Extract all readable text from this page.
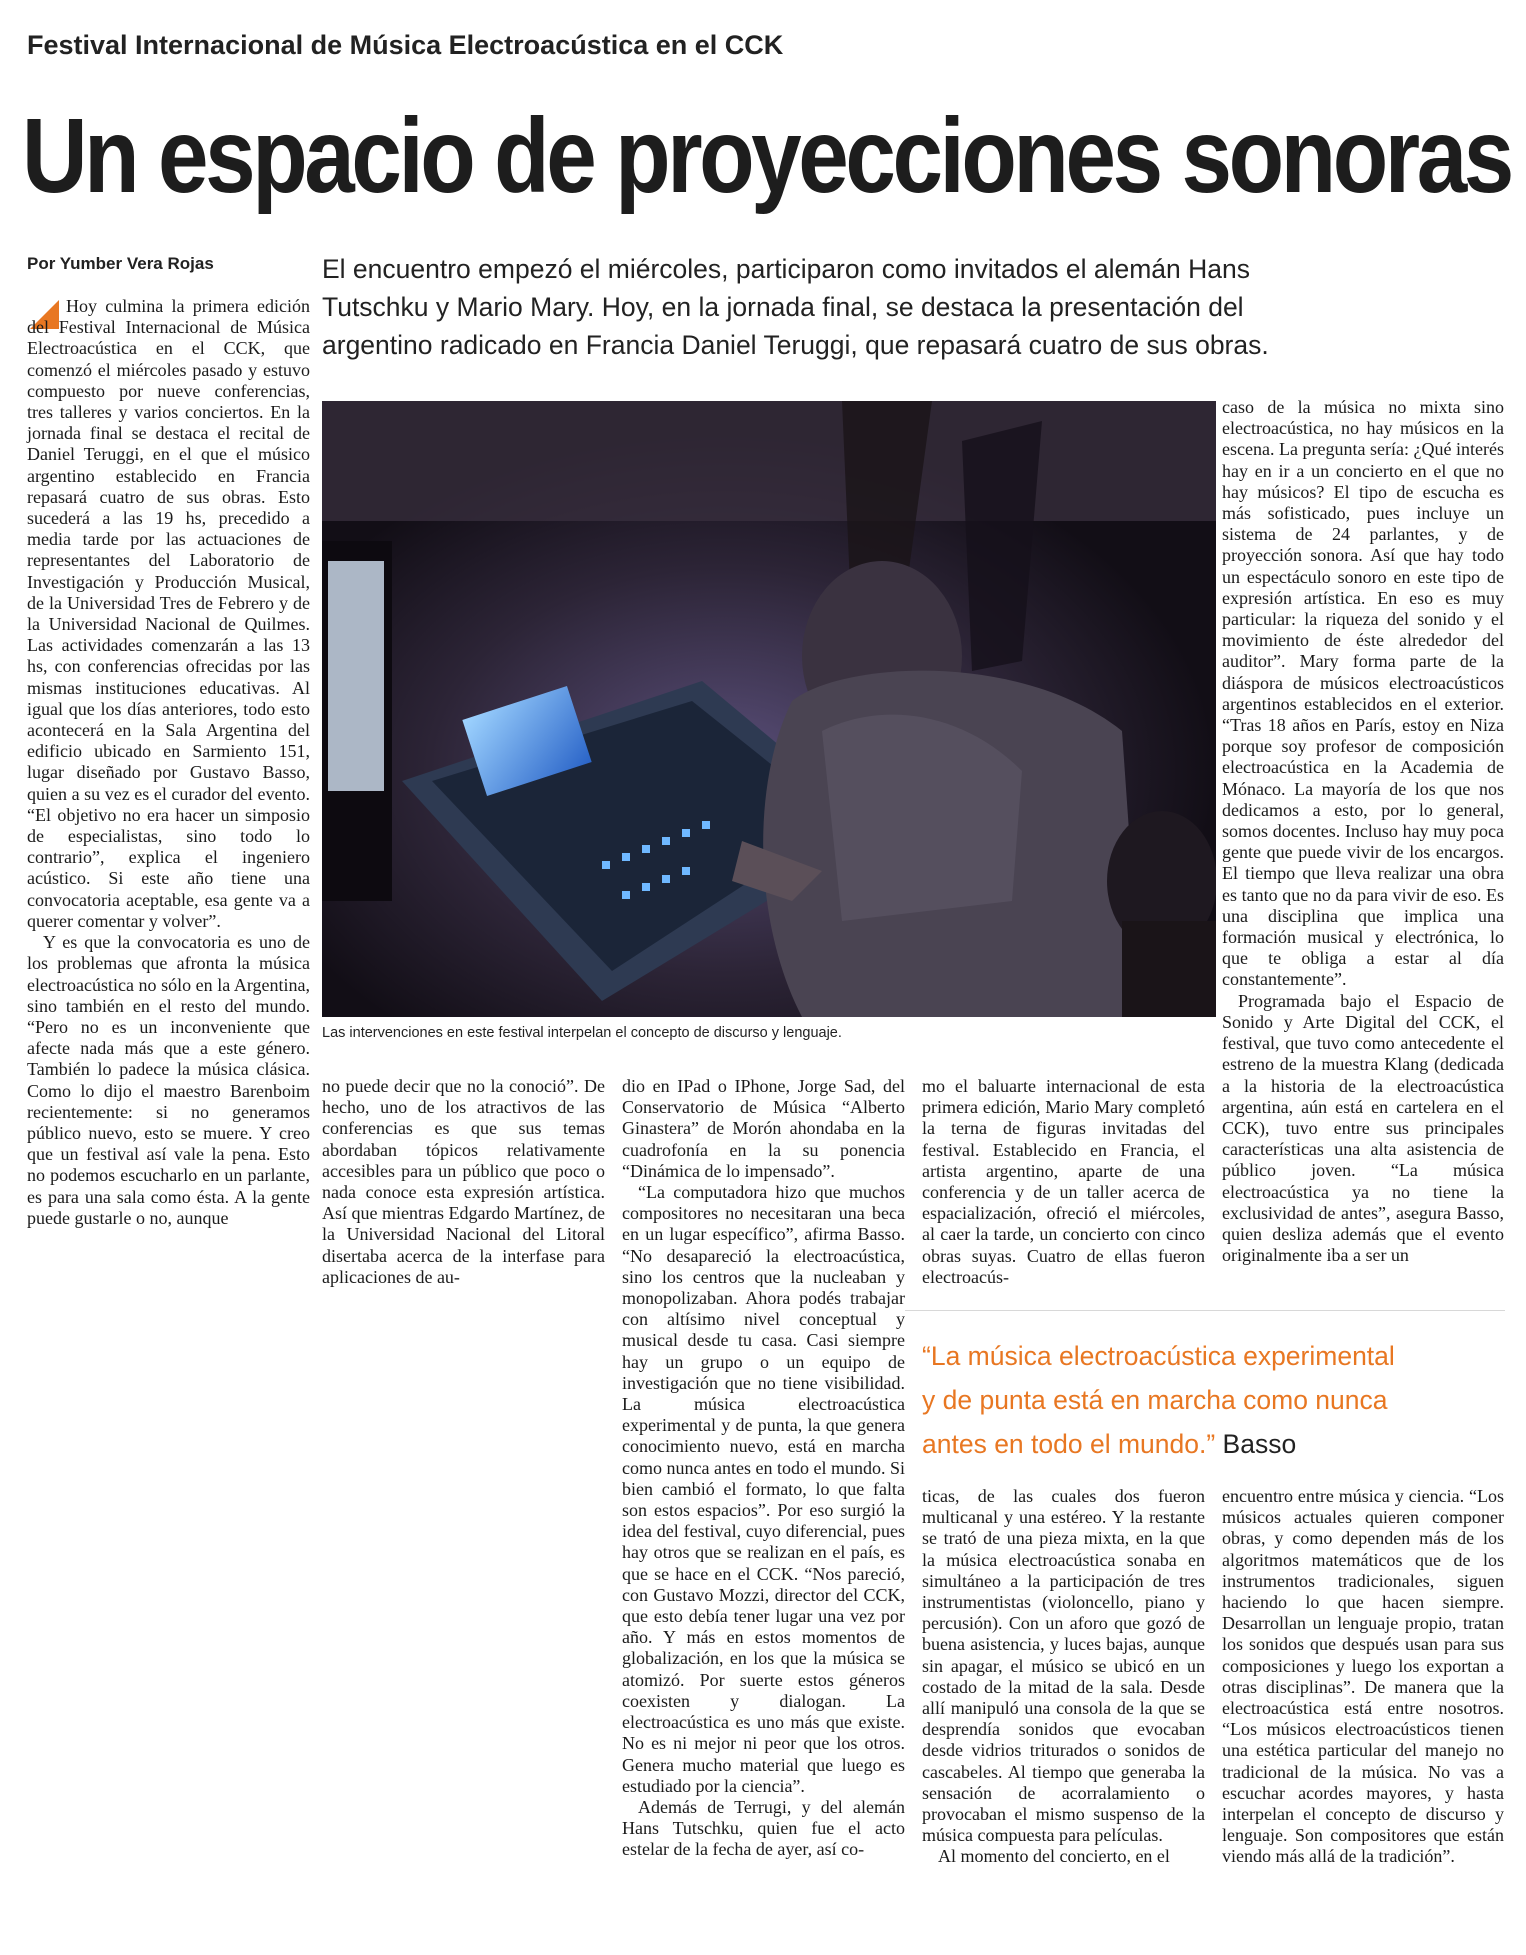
Festival Internacional de Música Electroacústica en el CCK
Un espacio de proyecciones sonoras
Por Yumber Vera Rojas	El encuentro empezó el miércoles, participaron como invitados el alemán Hans
Tutschku y Mario Mary. Hoy, en la jornada final, se destaca la presentación del
argentino radicado en Francia Daniel Teruggi, que repasará cuatro de sus obras.

Hoy culmina la primera edición del Festival Internacional de Música Electroacústica en el CCK, que comenzó el miércoles pasado y estuvo compuesto por nueve conferencias, tres talleres y varios conciertos. En la jornada final se destaca el recital de Daniel Teruggi, en el que el músico argentino establecido en Francia repasará cuatro de sus obras. Esto sucederá a las 19 hs, precedido a media tarde por las actuaciones de representantes del Laboratorio de Investigación y Producción Musical, de la Universidad Tres de Febrero y de la Universidad Nacional de Quilmes. Las actividades comenzarán a las 13 hs, con conferencias ofrecidas por las mismas instituciones educativas. Al igual que los días anteriores, todo esto acontecerá en la Sala Argentina del edificio ubicado en Sarmiento 151, lugar diseñado por Gustavo Basso, quien a su vez es el curador del evento. “El objetivo no era hacer un simposio de especialistas, sino todo lo contrario”, explica el ingeniero acústico. Si este año tiene una convocatoria aceptable, esa gente va a querer comentar y volver”.

Y es que la convocatoria es uno de los problemas que afronta la música electroacústica no sólo en la Argentina, sino también en el resto del mundo. “Pero no es un inconveniente que afecte nada más que a este género. También lo padece la música clásica. Como lo dijo el maestro Barenboim recientemente: si no generamos público nuevo, esto se muere. Y creo que un festival así vale la pena. Esto no podemos escucharlo en un parlante, es para una sala como ésta. A la gente puede gustarle o no, aunque

Las intervenciones en este festival interpelan el concepto de discurso y lenguaje.

caso de la música no mixta sino electroacústica, no hay músicos en la escena. La pregunta sería: ¿Qué interés hay en ir a un concierto en el que no hay músicos? El tipo de escucha es más sofisticado, pues incluye un sistema de 24 parlantes, y de proyección sonora. Así que hay todo un espectáculo sonoro en este tipo de expresión artística. En eso es muy particular: la riqueza del sonido y el movimiento de éste alrededor del auditor”. Mary forma parte de la diáspora de músicos electroacústicos argentinos establecidos en el exterior. “Tras 18 años en París, estoy en Niza porque soy profesor de composición electroacústica en la Academia de Mónaco. La mayoría de los que nos dedicamos a esto, por lo general, somos docentes. Incluso hay muy poca gente que puede vivir de los encargos. El tiempo que lleva realizar una obra es tanto que no da para vivir de eso. Es una disciplina que implica una formación musical y electrónica, lo que te obliga a estar al día constantemente”.

Programada bajo el Espacio de Sonido y Arte Digital del CCK, el festival, que tuvo como antecedente el estreno de la muestra Klang (dedicada a la historia de la electroacústica argentina, aún está en cartelera en el CCK), tuvo entre sus principales características una alta asistencia de público joven. “La música electroacústica ya no tiene la exclusividad de antes”, asegura Basso, quien desliza además que el evento originalmente iba a ser un

no puede decir que no la conoció”. De hecho, uno de los atractivos de las conferencias es que sus temas abordaban tópicos relativamente accesibles para un público que poco o nada conoce esta expresión artística. Así que mientras Edgardo Martínez, de la Universidad Nacional del Litoral disertaba acerca de la interfase para aplicaciones de au-

dio en IPad o IPhone, Jorge Sad, del Conservatorio de Música “Alberto Ginastera” de Morón ahondaba en la cuadrofonía en la su ponencia “Dinámica de lo impensado”.

“La computadora hizo que muchos compositores no necesitaran una beca en un lugar específico”, afirma Basso. “No desapareció la electroacústica, sino los centros que la nucleaban y monopolizaban. Ahora podés trabajar con altísimo nivel conceptual y musical desde tu casa. Casi siempre hay un grupo o un equipo de investigación que no tiene visibilidad. La música electroacústica experimental y de punta, la que genera conocimiento nuevo, está en marcha como nunca antes en todo el mundo. Si bien cambió el formato, lo que falta son estos espacios”. Por eso surgió la idea del festival, cuyo diferencial, pues hay otros que se realizan en el país, es que se hace en el CCK. “Nos pareció, con Gustavo Mozzi, director del CCK, que esto debía tener lugar una vez por año. Y más en estos momentos de globalización, en los que la música se atomizó. Por suerte estos géneros coexisten y dialogan. La electroacústica es uno más que existe. No es ni mejor ni peor que los otros. Genera mucho material que luego es estudiado por la ciencia”.

Además de Terrugi, y del alemán Hans Tutschku, quien fue el acto estelar de la fecha de ayer, así co-

mo el baluarte internacional de esta primera edición, Mario Mary completó la terna de figuras invitadas del festival. Establecido en Francia, el artista argentino, aparte de una conferencia y de un taller acerca de espacialización, ofreció el miércoles, al caer la tarde, un concierto con cinco obras suyas. Cuatro de ellas fueron electroacús-

“La música electroacústica experimental
y de punta está en marcha como nunca
antes en todo el mundo.” Basso

ticas, de las cuales dos fueron multicanal y una estéreo. Y la restante se trató de una pieza mixta, en la que la música electroacústica sonaba en simultáneo a la participación de tres instrumentistas (violoncello, piano y percusión). Con un aforo que gozó de buena asistencia, y luces bajas, aunque sin apagar, el músico se ubicó en un costado de la mitad de la sala. Desde allí manipuló una consola de la que se desprendía sonidos que evocaban desde vidrios triturados o sonidos de cascabeles. Al tiempo que generaba la sensación de acorralamiento o provocaban el mismo suspenso de la música compuesta para películas.

Al momento del concierto, en el

encuentro entre música y ciencia. “Los músicos actuales quieren componer obras, y como dependen más de los algoritmos matemáticos que de los instrumentos tradicionales, siguen haciendo lo que hacen siempre. Desarrollan un lenguaje propio, tratan los sonidos que después usan para sus composiciones y luego los exportan a otras disciplinas”. De manera que la electroacústica está entre nosotros. “Los músicos electroacústicos tienen una estética particular del manejo no tradicional de la música. No vas a escuchar acordes mayores, y hasta interpelan el concepto de discurso y lenguaje. Son compositores que están viendo más allá de la tradición”.
